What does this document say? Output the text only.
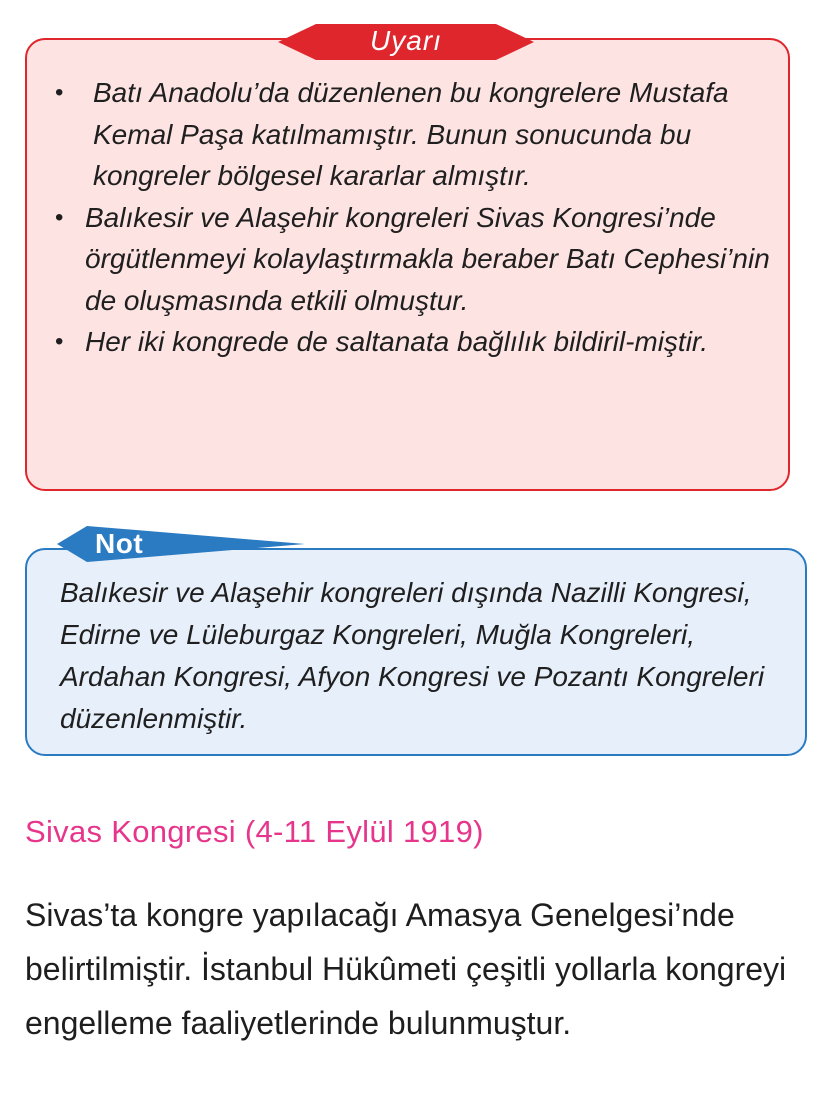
Uyarı
•	Batı Anadolu’da düzenlenen bu kongrelere Mustafa Kemal Paşa katılmamıştır. Bunun sonucunda bu kongreler bölgesel kararlar almıştır.
• Balıkesir ve Alaşehir kongreleri Sivas Kongresi’nde örgütlenmeyi kolaylaştırmakla beraber Batı Cephesi’nin de oluşmasında etkili olmuştur.
• Her iki kongrede de saltanata bağlılık bildiril-miştir.
Not

Balıkesir ve Alaşehir kongreleri dışında Nazilli Kongresi, Edirne ve Lüleburgaz Kongreleri, Muğla Kongreleri, Ardahan Kongresi, Afyon Kongresi ve Pozantı Kongreleri düzenlenmiştir.

Sivas Kongresi (4-11 Eylül 1919)

Sivas’ta kongre yapılacağı Amasya Genelgesi’nde belirtilmiştir. İstanbul Hükûmeti çeşitli yollarla kongreyi engelleme faaliyetlerinde bulunmuştur.
